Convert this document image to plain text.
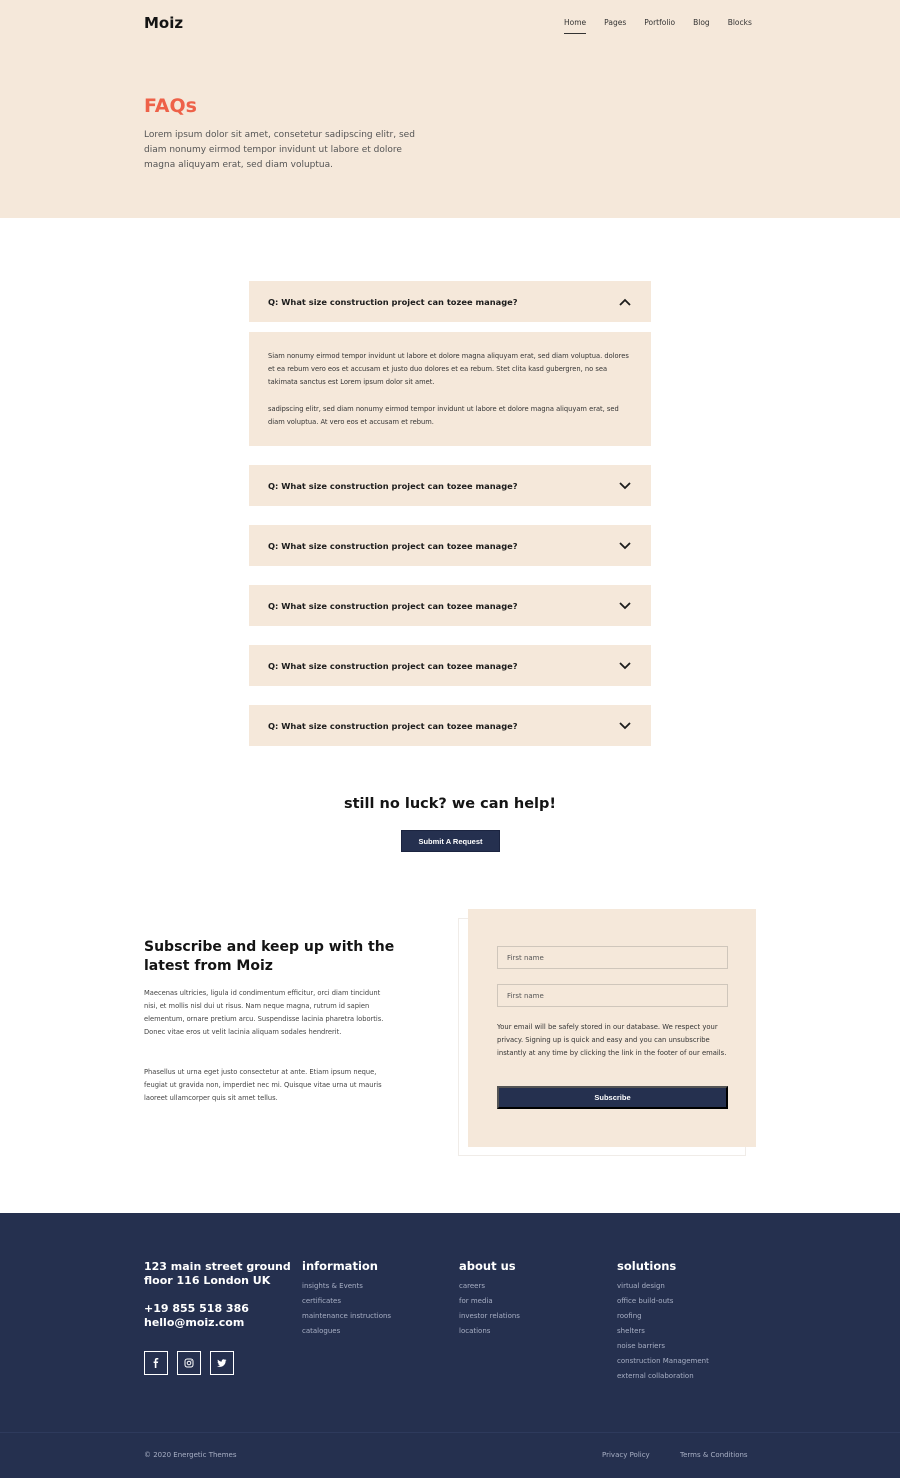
Moiz	Home Pages Portfolio Blog Blocks
FAQs

Lorem ipsum dolor sit amet, consetetur sadipscing elitr, sed diam nonumy eirmod tempor invidunt ut labore et dolore magna aliquyam erat, sed diam voluptua.

Q: What size construction project can tozee manage?

Siam nonumy eirmod tempor invidunt ut labore et dolore magna aliquyam erat, sed diam voluptua. dolores et ea rebum vero eos et accusam et justo duo dolores et ea rebum. Stet clita kasd gubergren, no sea takimata sanctus est Lorem ipsum dolor sit amet.

sadipscing elitr, sed diam nonumy eirmod tempor invidunt ut labore et dolore magna aliquyam erat, sed diam voluptua. At vero eos et accusam et rebum.

Q: What size construction project can tozee manage?
Q: What size construction project can tozee manage?
Q: What size construction project can tozee manage?
Q: What size construction project can tozee manage?
Q: What size construction project can tozee manage?
still no luck? we can help!
Submit A Request
Subscribe and keep up with the latest from Moiz

Maecenas ultricies, ligula id condimentum efficitur, orci diam tincidunt nisi, et mollis nisl dui ut risus. Nam neque magna, rutrum id sapien elementum, ornare pretium arcu. Suspendisse lacinia pharetra lobortis. Donec vitae eros ut velit lacinia aliquam sodales hendrerit.

Phasellus ut urna eget justo consectetur at ante. Etiam ipsum neque, feugiat ut gravida non, imperdiet nec mi. Quisque vitae urna ut mauris laoreet ullamcorper quis sit amet tellus.

First name
First name

Your email will be safely stored in our database. We respect your privacy. Signing up is quick and easy and you can unsubscribe instantly at any time by clicking the link in the footer of our emails.

Subscribe
123 main street ground floor 116 London UK
+19 855 518 386
hello@moiz.com
information
insights & Events
certificates
maintenance instructions
catalogues
about us
careers
for media
investor relations
locations
solutions
virtual design
office build-outs
roofing
shelters
noise barriers
construction Management
external collaboration
© 2020 Energetic Themes	Privacy Policy	Terms & Conditions
